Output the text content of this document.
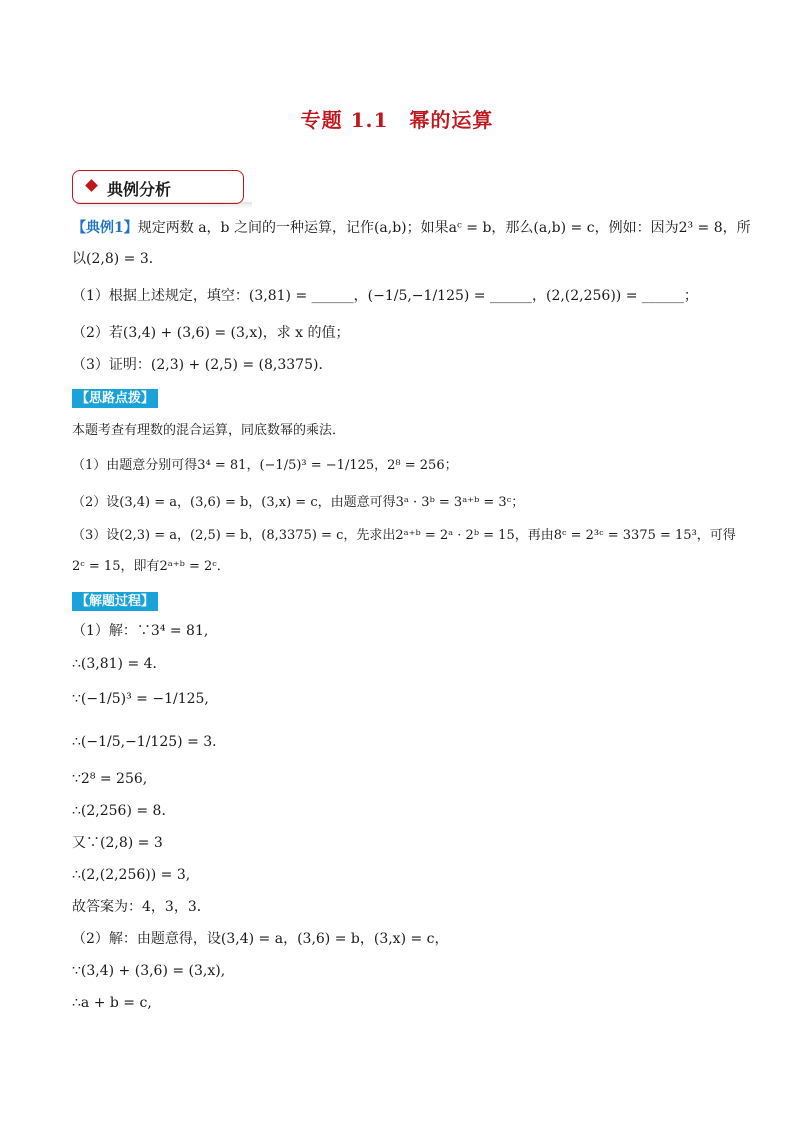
专题 1.1　幂的运算
典例分析
【典例1】规定两数 a，b 之间的一种运算，记作(a,b)；如果aᶜ = b，那么(a,b) = c，例如：因为2³ = 8，所
以(2,8) = 3．
（1）根据上述规定，填空：(3,81) = ______，(−1/5,−1/125) = ______，(2,(2,256)) = ______；
（2）若(3,4) + (3,6) = (3,x)，求 x 的值；
（3）证明：(2,3) + (2,5) = (8,3375)．
【思路点拨】
本题考查有理数的混合运算，同底数幂的乘法．
（1）由题意分别可得3⁴ = 81，(−1/5)³ = −1/125，2⁸ = 256；
（2）设(3,4) = a，(3,6) = b，(3,x) = c，由题意可得3ᵃ · 3ᵇ = 3ᵃ⁺ᵇ = 3ᶜ；
（3）设(2,3) = a，(2,5) = b，(8,3375) = c，先求出2ᵃ⁺ᵇ = 2ᵃ · 2ᵇ = 15，再由8ᶜ = 2³ᶜ = 3375 = 15³，可得
2ᶜ = 15，即有2ᵃ⁺ᵇ = 2ᶜ．
【解题过程】
（1）解：∵3⁴ = 81,
∴(3,81) = 4．
∵(−1/5)³ = −1/125,
∴(−1/5,−1/125) = 3．
∵2⁸ = 256,
∴(2,256) = 8．
又∵(2,8) = 3
∴(2,(2,256)) = 3,
故答案为：4，3，3．
（2）解：由题意得，设(3,4) = a，(3,6) = b，(3,x) = c，
∵(3,4) + (3,6) = (3,x),
∴a + b = c,
